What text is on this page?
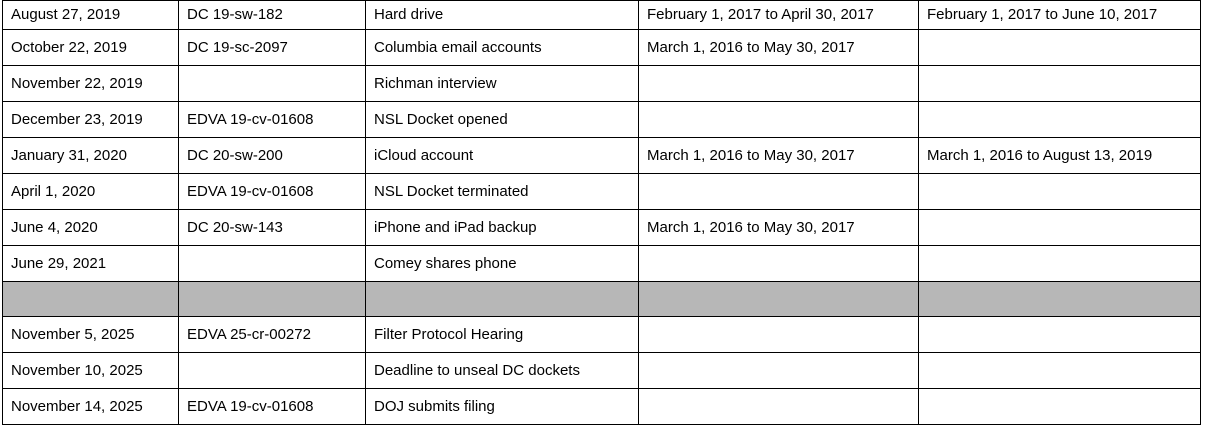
August 27, 2019	DC 19-sw-182	Hard drive	February 1, 2017 to April 30, 2017	February 1, 2017 to June 10, 2017
October 22, 2019	DC 19-sc-2097	Columbia email accounts	March 1, 2016 to May 30, 2017	
November 22, 2019		Richman interview		
December 23, 2019	EDVA 19-cv-01608	NSL Docket opened		
January 31, 2020	DC 20-sw-200	iCloud account	March 1, 2016 to May 30, 2017	March 1, 2016 to August 13, 2019
April 1, 2020	EDVA 19-cv-01608	NSL Docket terminated		
June 4, 2020	DC 20-sw-143	iPhone and iPad backup	March 1, 2016 to May 30, 2017	
June 29, 2021		Comey shares phone		

November 5, 2025	EDVA 25-cr-00272	Filter Protocol Hearing		
November 10, 2025		Deadline to unseal DC dockets		
November 14, 2025	EDVA 19-cv-01608	DOJ submits filing		
